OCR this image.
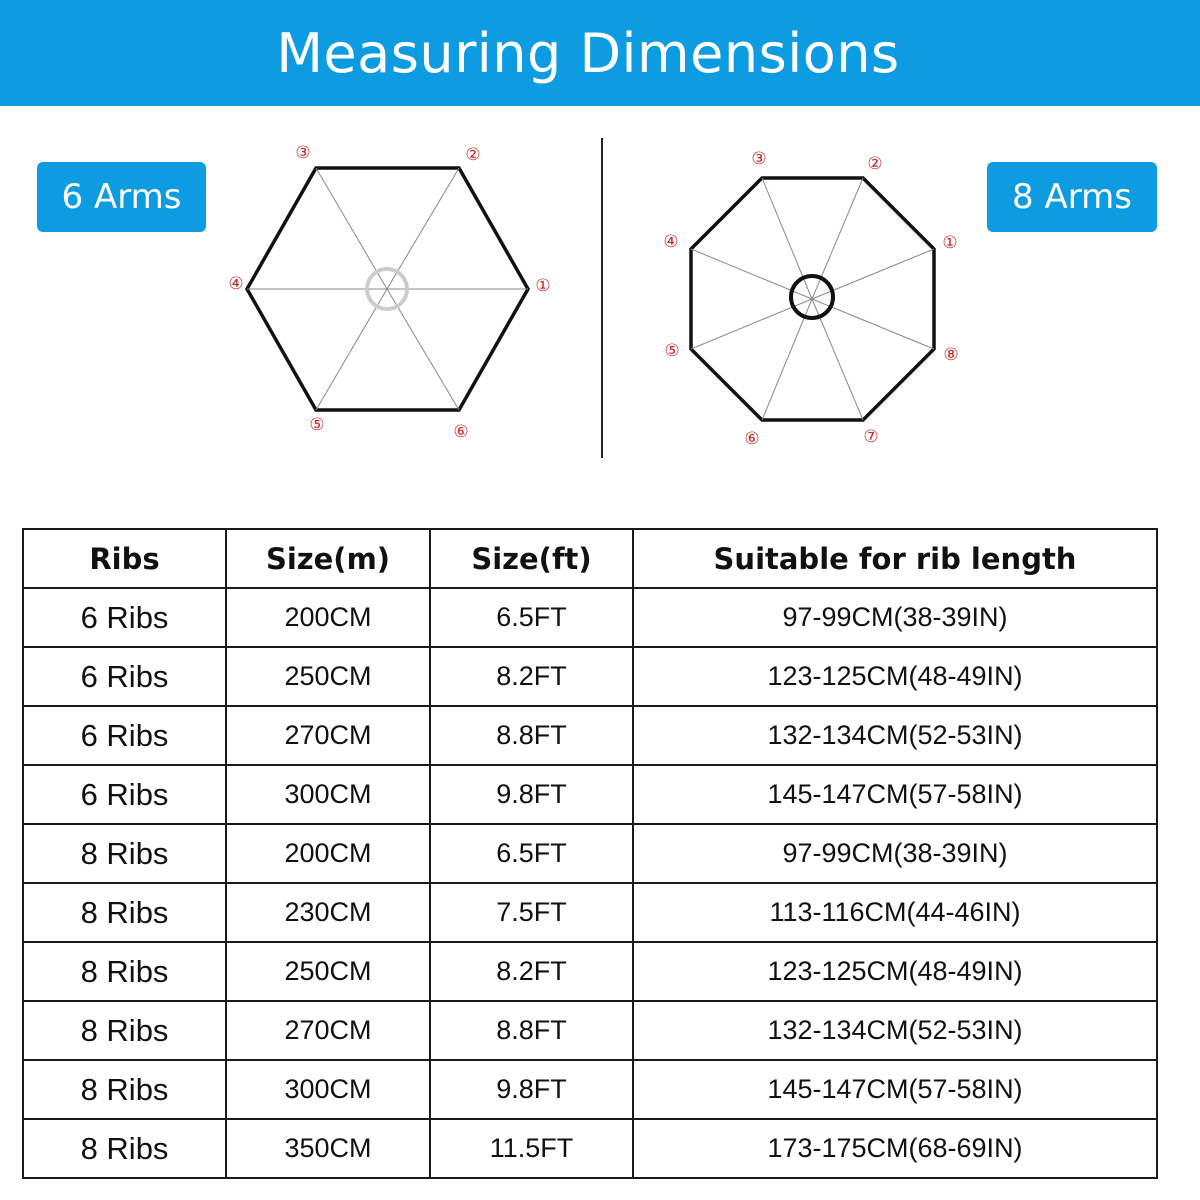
Measuring Dimensions
6 Arms	8 Arms
①
②
③
④
⑤	⑥
①
②
③
④
⑤
⑥	⑦
⑧
Ribs	Size(m)	Size(ft)	Suitable for rib length
6 Ribs	200CM	6.5FT	97-99CM(38-39IN)
6 Ribs	250CM	8.2FT	123-125CM(48-49IN)
6 Ribs	270CM	8.8FT	132-134CM(52-53IN)
6 Ribs	300CM	9.8FT	145-147CM(57-58IN)
8 Ribs	200CM	6.5FT	97-99CM(38-39IN)
8 Ribs	230CM	7.5FT	113-116CM(44-46IN)
8 Ribs	250CM	8.2FT	123-125CM(48-49IN)
8 Ribs	270CM	8.8FT	132-134CM(52-53IN)
8 Ribs	300CM	9.8FT	145-147CM(57-58IN)
8 Ribs	350CM	11.5FT	173-175CM(68-69IN)
